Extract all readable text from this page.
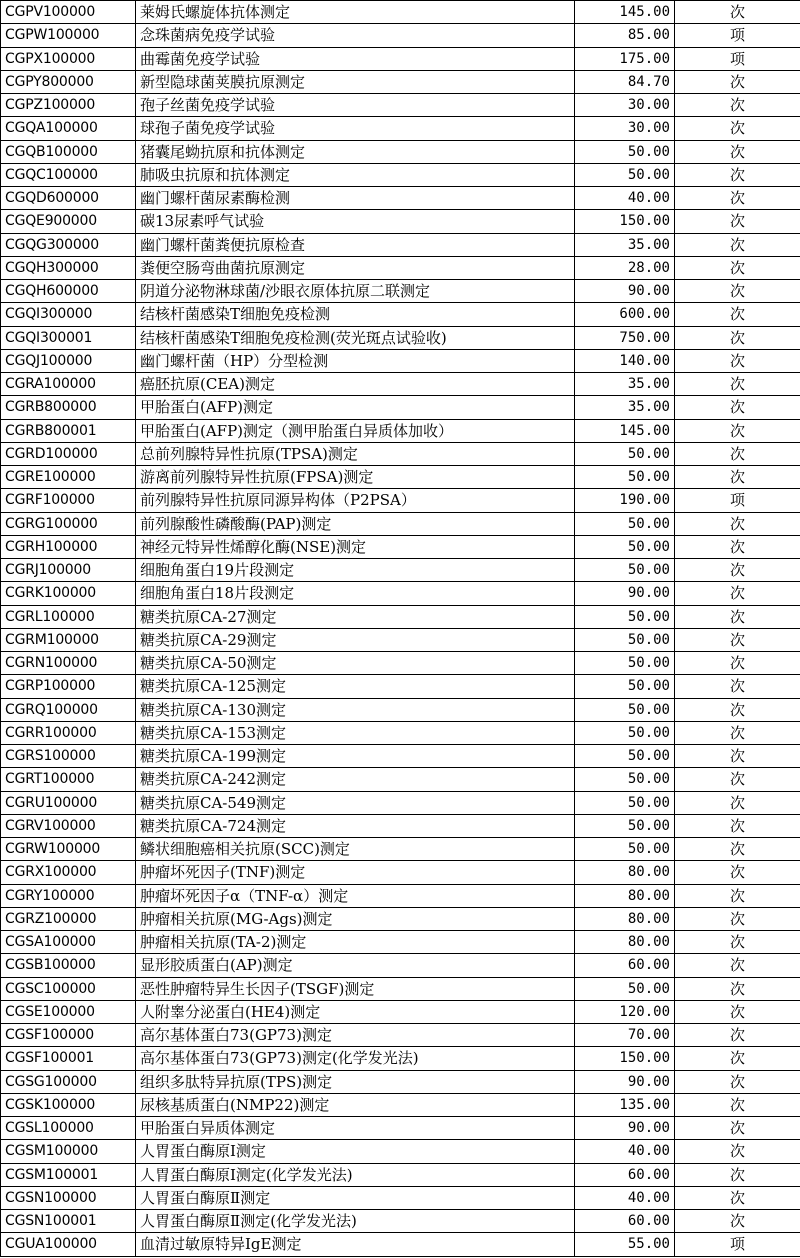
CGPV100000	莱姆氏螺旋体抗体测定	145.00	次
CGPW100000	念珠菌病免疫学试验	85.00	项
CGPX100000	曲霉菌免疫学试验	175.00	项
CGPY800000	新型隐球菌荚膜抗原测定	84.70	次
CGPZ100000	孢子丝菌免疫学试验	30.00	次
CGQA100000	球孢子菌免疫学试验	30.00	次
CGQB100000	猪囊尾蚴抗原和抗体测定	50.00	次
CGQC100000	肺吸虫抗原和抗体测定	50.00	次
CGQD600000	幽门螺杆菌尿素酶检测	40.00	次
CGQE900000	碳13尿素呼气试验	150.00	次
CGQG300000	幽门螺杆菌粪便抗原检查	35.00	次
CGQH300000	粪便空肠弯曲菌抗原测定	28.00	次
CGQH600000	阴道分泌物淋球菌/沙眼衣原体抗原二联测定	90.00	次
CGQI300000	结核杆菌感染T细胞免疫检测	600.00	次
CGQI300001	结核杆菌感染T细胞免疫检测(荧光斑点试验收)	750.00	次
CGQJ100000	幽门螺杆菌（HP）分型检测	140.00	次
CGRA100000	癌胚抗原(CEA)测定	35.00	次
CGRB800000	甲胎蛋白(AFP)测定	35.00	次
CGRB800001	甲胎蛋白(AFP)测定（测甲胎蛋白异质体加收）	145.00	次
CGRD100000	总前列腺特异性抗原(TPSA)测定	50.00	次
CGRE100000	游离前列腺特异性抗原(FPSA)测定	50.00	次
CGRF100000	前列腺特异性抗原同源异构体（P2PSA）	190.00	项
CGRG100000	前列腺酸性磷酸酶(PAP)测定	50.00	次
CGRH100000	神经元特异性烯醇化酶(NSE)测定	50.00	次
CGRJ100000	细胞角蛋白19片段测定	50.00	次
CGRK100000	细胞角蛋白18片段测定	90.00	次
CGRL100000	糖类抗原CA-27测定	50.00	次
CGRM100000	糖类抗原CA-29测定	50.00	次
CGRN100000	糖类抗原CA-50测定	50.00	次
CGRP100000	糖类抗原CA-125测定	50.00	次
CGRQ100000	糖类抗原CA-130测定	50.00	次
CGRR100000	糖类抗原CA-153测定	50.00	次
CGRS100000	糖类抗原CA-199测定	50.00	次
CGRT100000	糖类抗原CA-242测定	50.00	次
CGRU100000	糖类抗原CA-549测定	50.00	次
CGRV100000	糖类抗原CA-724测定	50.00	次
CGRW100000	鳞状细胞癌相关抗原(SCC)测定	50.00	次
CGRX100000	肿瘤坏死因子(TNF)测定	80.00	次
CGRY100000	肿瘤坏死因子α（TNF-α）测定	80.00	次
CGRZ100000	肿瘤相关抗原(MG-Ags)测定	80.00	次
CGSA100000	肿瘤相关抗原(TA-2)测定	80.00	次
CGSB100000	显形胶质蛋白(AP)测定	60.00	次
CGSC100000	恶性肿瘤特异生长因子(TSGF)测定	50.00	次
CGSE100000	人附睾分泌蛋白(HE4)测定	120.00	次
CGSF100000	高尔基体蛋白73(GP73)测定	70.00	次
CGSF100001	高尔基体蛋白73(GP73)测定(化学发光法)	150.00	次
CGSG100000	组织多肽特异抗原(TPS)测定	90.00	次
CGSK100000	尿核基质蛋白(NMP22)测定	135.00	次
CGSL100000	甲胎蛋白异质体测定	90.00	次
CGSM100000	人胃蛋白酶原Ⅰ测定	40.00	次
CGSM100001	人胃蛋白酶原Ⅰ测定(化学发光法)	60.00	次
CGSN100000	人胃蛋白酶原Ⅱ测定	40.00	次
CGSN100001	人胃蛋白酶原Ⅱ测定(化学发光法)	60.00	次
CGUA100000	血清过敏原特异IgE测定	55.00	项
